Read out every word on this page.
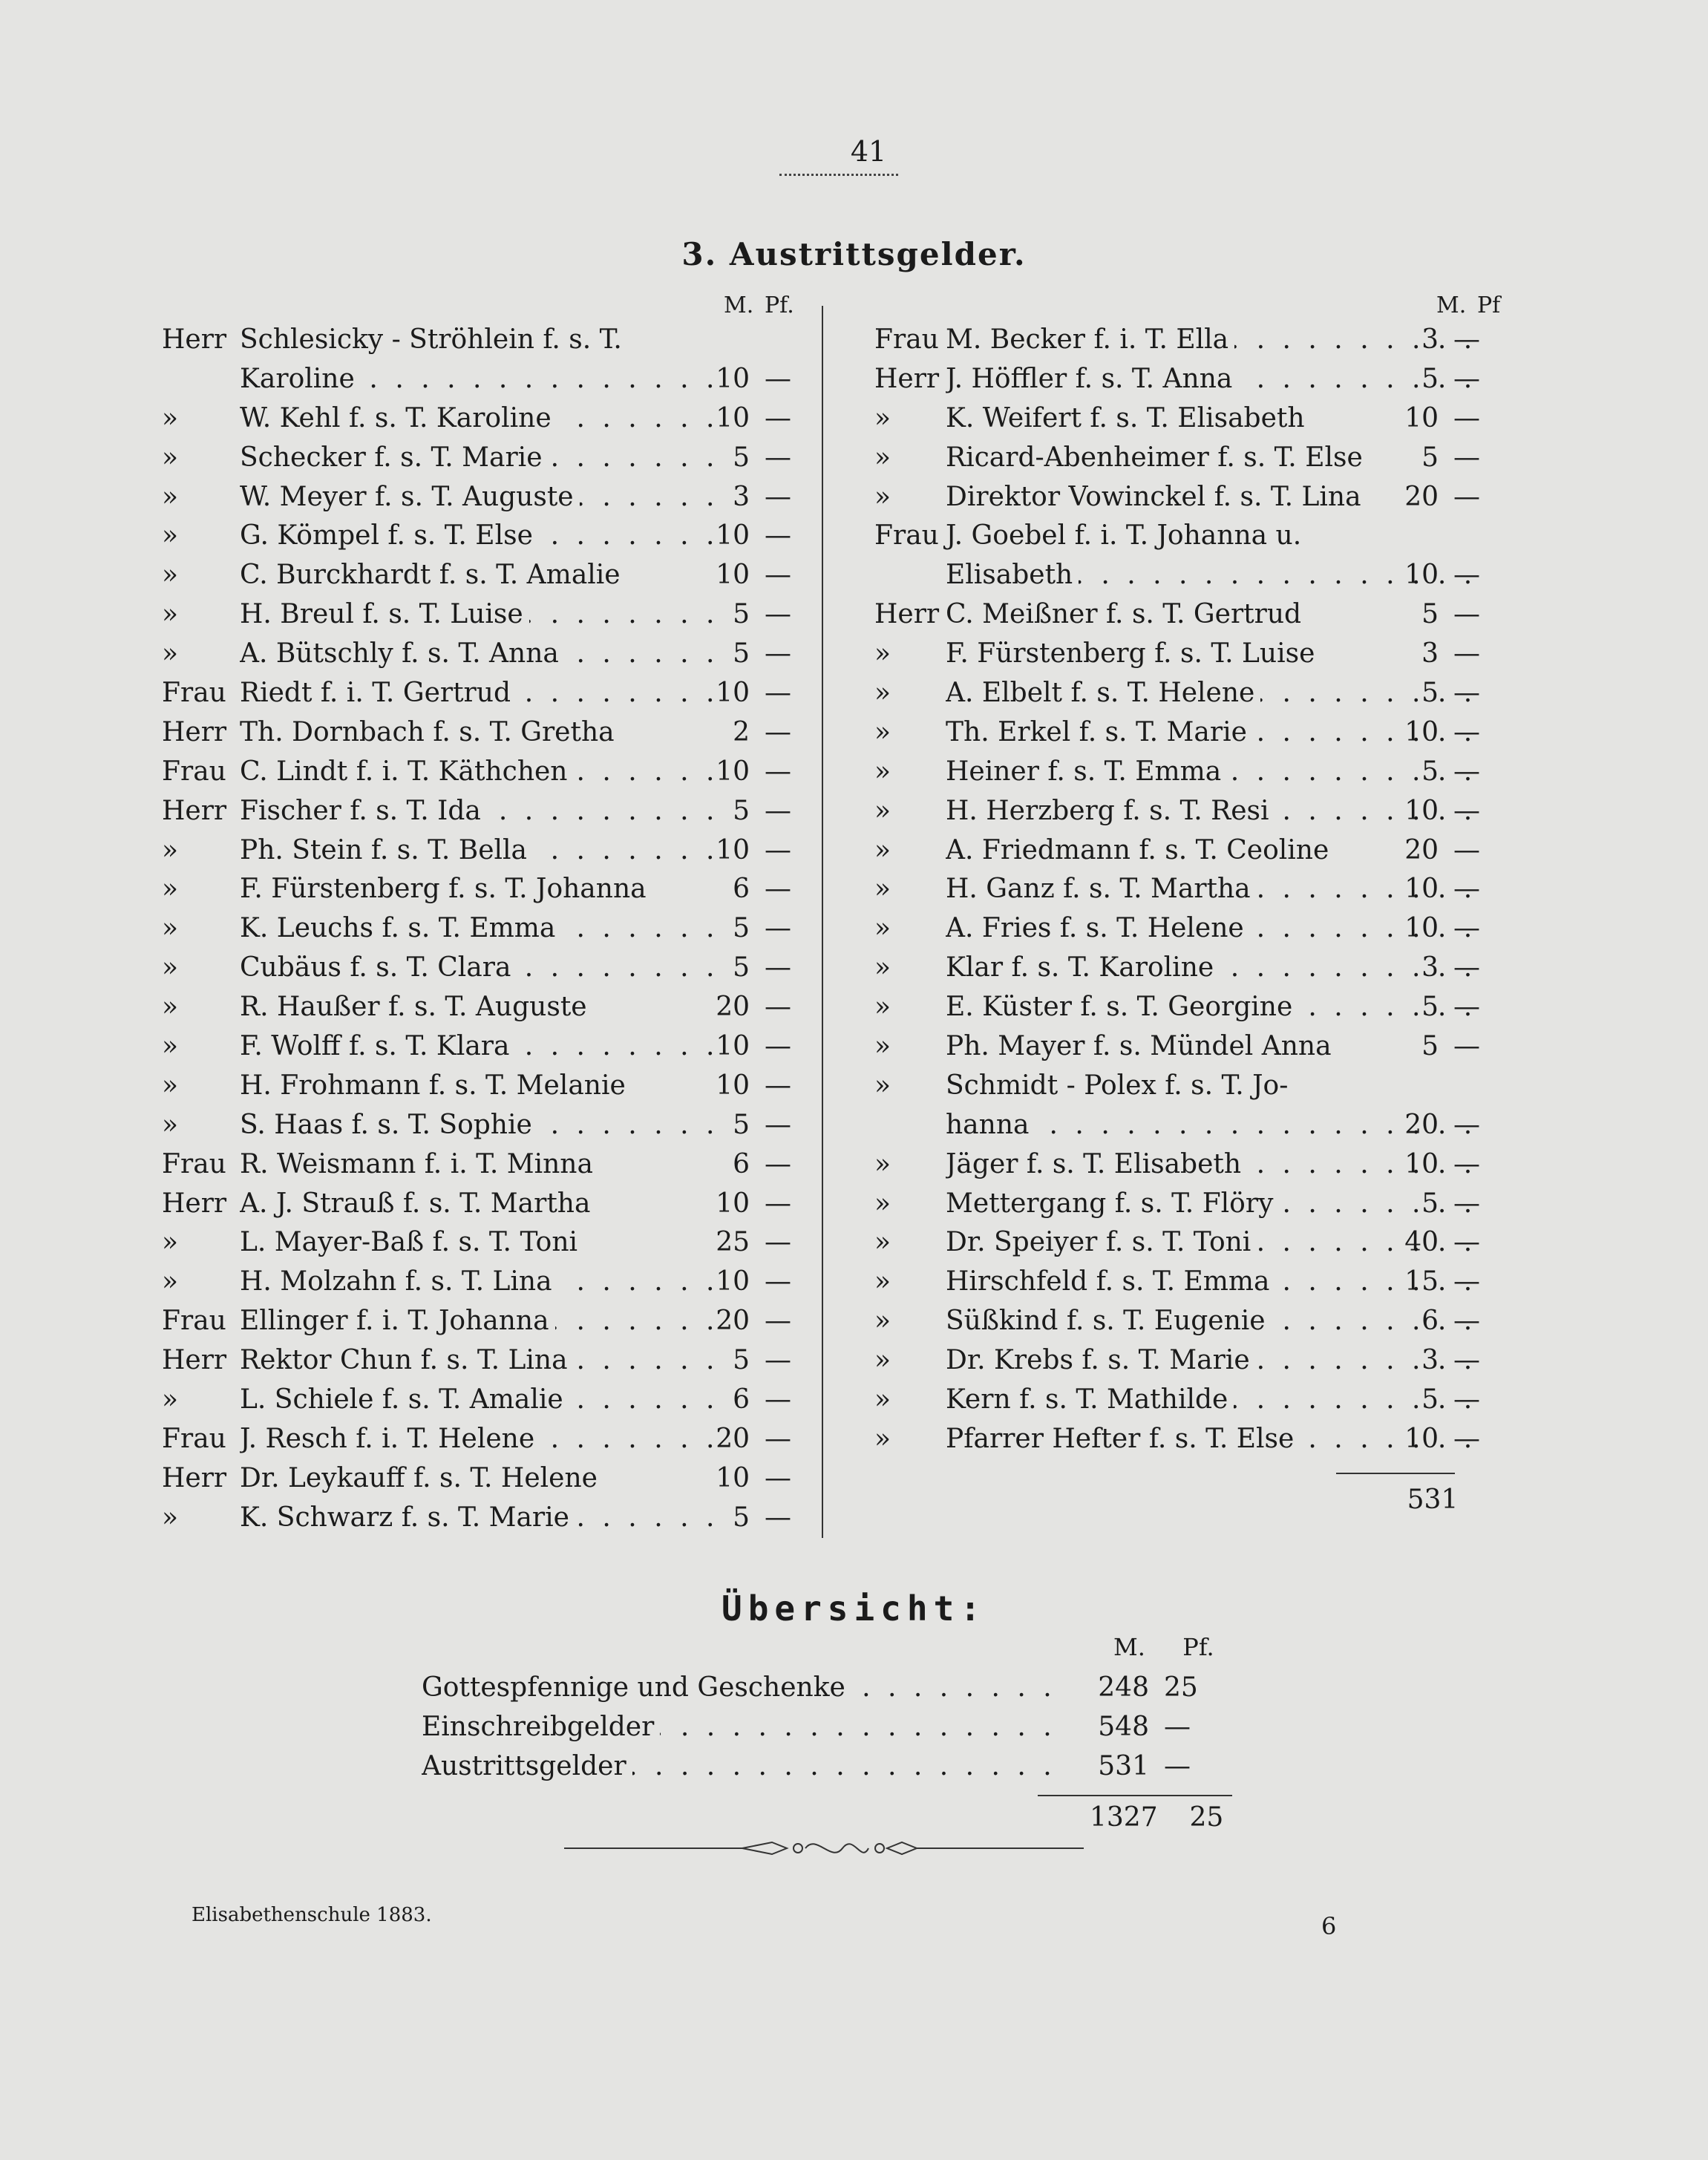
41
3. Austrittsgelder.
M. Pf.	M. Pf
Herr Schlesicky - Ströhlein f. s. T.
. . .
Karoline	10 —
» . . . W. Kehl f. s. T. Karoline	10 —
» . . . Schecker f. s. T. Marie	5 —
» . . . W. Meyer f. s. T. Auguste	3 —
» . . . G. Kömpel f. s. T. Else	10 —
» C. Burckhardt f. s. T. Amalie	10 —
» . . . H. Breul f. s. T. Luise	5 —
» . . . A. Bütschly f. s. T. Anna	5 —
Frau . . . Riedt f. i. T. Gertrud	10 —
Herr Th. Dornbach f. s. T. Gretha	2 —
Frau . . . C. Lindt f. i. T. Käthchen	10 —
Herr . . . Fischer f. s. T. Ida	5 —
» . . . Ph. Stein f. s. T. Bella	10 —
» F. Fürstenberg f. s. T. Johanna	6 —
» . . . K. Leuchs f. s. T. Emma	5 —
» . . . Cubäus f. s. T. Clara	5 —
» R. Haußer f. s. T. Auguste	20 —
» . . . F. Wolff f. s. T. Klara	10 —
» H. Frohmann f. s. T. Melanie	10 —
» . . . S. Haas f. s. T. Sophie	5 —
Frau R. Weismann f. i. T. Minna	6 —
Herr A. J. Strauß f. s. T. Martha	10 —
» L. Mayer-Baß f. s. T. Toni	25 —
» . . . H. Molzahn f. s. T. Lina	10 —
Frau . . . Ellinger f. i. T. Johanna	20 —
Herr . . . Rektor Chun f. s. T. Lina	5 —
» . . . L. Schiele f. s. T. Amalie	6 —
Frau . . . J. Resch f. i. T. Helene	20 —
Herr Dr. Leykauff f. s. T. Helene	10 —
» . . . K. Schwarz f. s. T. Marie	5 —
Frau . . . M. Becker f. i. T. Ella	3 —
Herr . . . J. Höffler f. s. T. Anna	5 —
» K. Weifert f. s. T. Elisabeth	10 —
» Ricard-Abenheimer f. s. T. Else	5 —
» Direktor Vowinckel f. s. T. Lina	20 —
Frau J. Goebel f. i. T. Johanna u.
. . .
Elisabeth	10 —
Herr C. Meißner f. s. T. Gertrud	5 —
» F. Fürstenberg f. s. T. Luise	3 —
» . . . A. Elbelt f. s. T. Helene	5 —
» . . . Th. Erkel f. s. T. Marie	10 —
» . . . Heiner f. s. T. Emma	5 —
» . . . H. Herzberg f. s. T. Resi	10 —
» A. Friedmann f. s. T. Ceoline	20 —
» . . . H. Ganz f. s. T. Martha	10 —
» . . . A. Fries f. s. T. Helene	10 —
» . . . Klar f. s. T. Karoline	3 —
» . . . E. Küster f. s. T. Georgine	5 —
» Ph. Mayer f. s. Mündel Anna	5 —
» Schmidt - Polex f. s. T. Jo-
. . .
hanna	20 —
» . . . Jäger f. s. T. Elisabeth	10 —
» . . . Mettergang f. s. T. Flöry	5 —
» . . . Dr. Speiyer f. s. T. Toni	40 —
» . . . Hirschfeld f. s. T. Emma	15 —
» . . . Süßkind f. s. T. Eugenie	6 —
» . . . Dr. Krebs f. s. T. Marie	3 —
» . . . Kern f. s. T. Mathilde	5 —
» . . . Pfarrer Hefter f. s. T. Else	10 —
531
Übersicht:
M. Pf.
. . .
Gottespfennige und Geschenke	248 25
. . .
Einschreibgelder	548 —
. . .
Austrittsgelder	531 —
1327 25
Elisabethenschule 1883.	6
